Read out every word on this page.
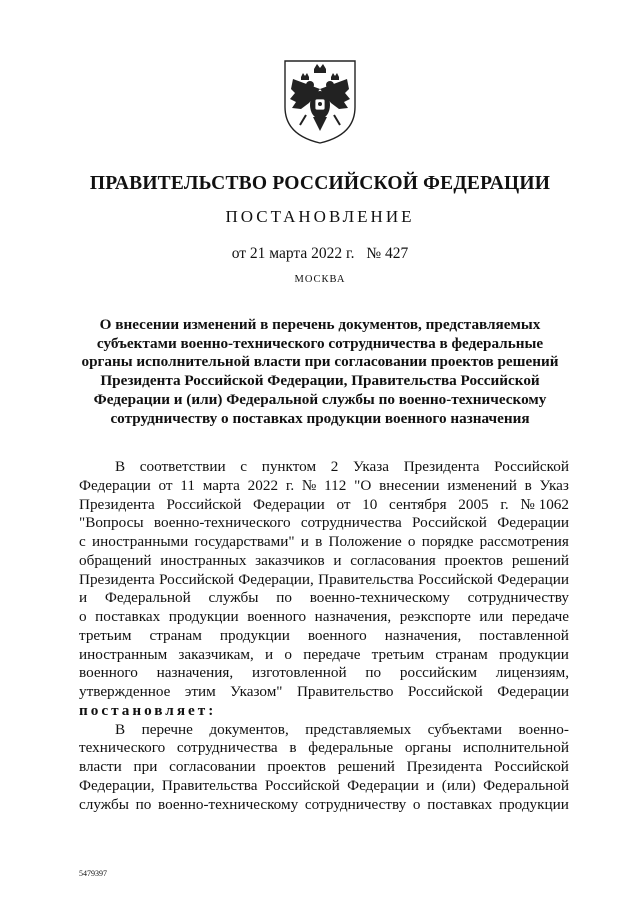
ПРАВИТЕЛЬСТВО РОССИЙСКОЙ ФЕДЕРАЦИИ
ПОСТАНОВЛЕНИЕ
от 21 марта 2022 г. № 427
МОСКВА
О внесении изменений в перечень документов, представляемых
субъектами военно-технического сотрудничества в федеральные
органы исполнительной власти при согласовании проектов решений
Президента Российской Федерации, Правительства Российской
Федерации и (или) Федеральной службы по военно-техническому
сотрудничеству о поставках продукции военного назначения
В соответствии с пунктом 2 Указа Президента Российской
Федерации от 11 марта 2022 г. № 112 "О внесении изменений в Указ
Президента Российской Федерации от 10 сентября 2005 г. № 1062
"Вопросы военно-технического сотрудничества Российской Федерации
с иностранными государствами" и в Положение о порядке рассмотрения
обращений иностранных заказчиков и согласования проектов решений
Президента Российской Федерации, Правительства Российской Федерации
и Федеральной службы по военно-техническому сотрудничеству
о поставках продукции военного назначения, реэкспорте или передаче
третьим странам продукции военного назначения, поставленной
иностранным заказчикам, и о передаче третьим странам продукции
военного назначения, изготовленной по российским лицензиям,
утвержденное этим Указом" Правительство Российской Федерации
постановляет:
В перечне документов, представляемых субъектами военно-
технического сотрудничества в федеральные органы исполнительной
власти при согласовании проектов решений Президента Российской
Федерации, Правительства Российской Федерации и (или) Федеральной
службы по военно-техническому сотрудничеству о поставках продукции
5479397
